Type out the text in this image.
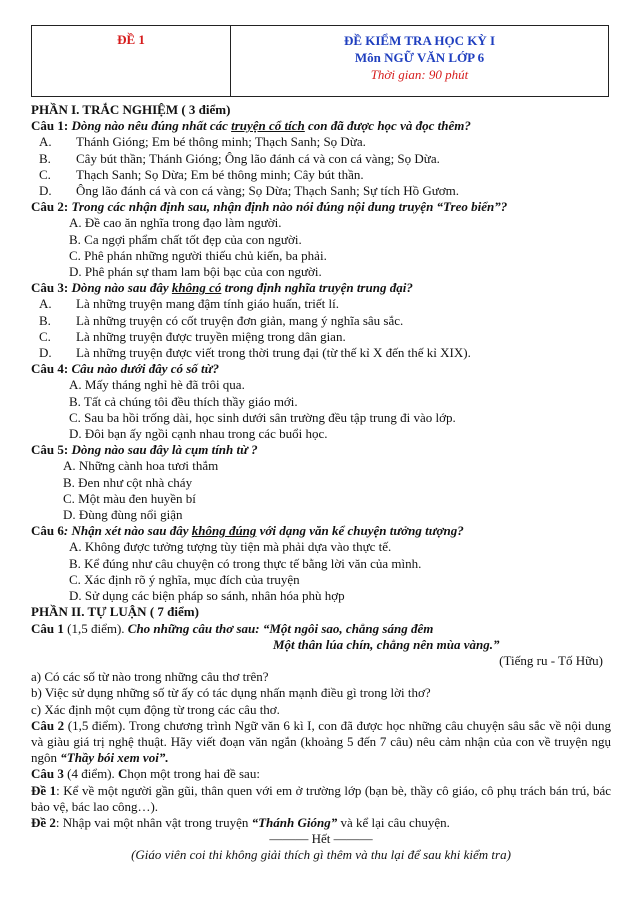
ĐỀ 1	ĐỀ KIỂM TRA HỌC KỲ I
Môn NGỮ VĂN LỚP 6
Thời gian: 90 phút
PHẦN I. TRẮC NGHIỆM ( 3 điểm)
Câu 1: Dòng nào nêu đúng nhất các truyện cổ tích con đã được học và đọc thêm?
A. Thánh Gióng; Em bé thông minh; Thạch Sanh; Sọ Dừa.
B. Cây bút thần; Thánh Gióng; Ông lão đánh cá và con cá vàng; Sọ Dừa.
C. Thạch Sanh; Sọ Dừa; Em bé thông minh; Cây bút thần.
D. Ông lão đánh cá và con cá vàng; Sọ Dừa; Thạch Sanh; Sự tích Hồ Gươm.
Câu 2: Trong các nhận định sau, nhận định nào nói đúng nội dung truyện “Treo biển”?
A. Đề cao ăn nghĩa trong đạo làm người.
B. Ca ngợi phẩm chất tốt đẹp của con người.
C. Phê phán những người thiếu chủ kiến, ba phải.
D. Phê phán sự tham lam bội bạc của con người.
Câu 3: Dòng nào sau đây không có trong định nghĩa truyện trung đại?
A. Là những truyện mang đậm tính giáo huấn, triết lí.
B. Là những truyện có cốt truyện đơn giản, mang ý nghĩa sâu sắc.
C. Là những truyện được truyền miệng trong dân gian.
D. Là những truyện được viết trong thời trung đại (từ thế kỉ X đến thế kỉ XIX).
Câu 4: Câu nào dưới đây có số từ?
A. Mấy tháng nghỉ hè đã trôi qua.
B. Tất cả chúng tôi đều thích thầy giáo mới.
C. Sau ba hồi trống dài, học sinh dưới sân trường đều tập trung đi vào lớp.
D. Đôi bạn ấy ngồi cạnh nhau trong các buổi học.
Câu 5: Dòng nào sau đây là cụm tính từ ?
A. Những cành hoa tươi thắm
B. Đen như cột nhà cháy
C. Một màu đen huyền bí
D. Đùng đùng nổi giận
Câu 6: Nhận xét nào sau đây không đúng với dạng văn kể chuyện tưởng tượng?
A. Không được tưởng tượng tùy tiện mà phải dựa vào thực tế.
B. Kể đúng như câu chuyện có trong thực tế bằng lời văn của mình.
C. Xác định rõ ý nghĩa, mục đích của truyện
D. Sử dụng các biện pháp so sánh, nhân hóa phù hợp
PHẦN II. TỰ LUẬN ( 7 điểm)
Câu 1 (1,5 điểm). Cho những câu thơ sau: “Một ngôi sao, chẳng sáng đêm
Một thân lúa chín, chẳng nên mùa vàng.”
(Tiếng ru - Tố Hữu)
a) Có các số từ nào trong những câu thơ trên?
b) Việc sử dụng những số từ ấy có tác dụng nhấn mạnh điều gì trong lời thơ?
c) Xác định một cụm động từ trong các câu thơ.
Câu 2 (1,5 điểm). Trong chương trình Ngữ văn 6 kì I, con đã được học những câu chuyện sâu sắc về nội dung và giàu giá trị nghệ thuật. Hãy viết đoạn văn ngắn (khoảng 5 đến 7 câu) nêu cảm nhận của con về truyện ngụ ngôn “Thầy bói xem voi”.
Câu 3 (4 điểm). Chọn một trong hai đề sau:
Đề 1: Kể về một người gần gũi, thân quen với em ở trường lớp (bạn bè, thầy cô giáo, cô phụ trách bán trú, bác bảo vệ, bác lao công…).
Đề 2: Nhập vai một nhân vật trong truyện “Thánh Gióng” và kể lại câu chuyện.
——— Hết ———
(Giáo viên coi thi không giải thích gì thêm và thu lại để sau khi kiểm tra)
